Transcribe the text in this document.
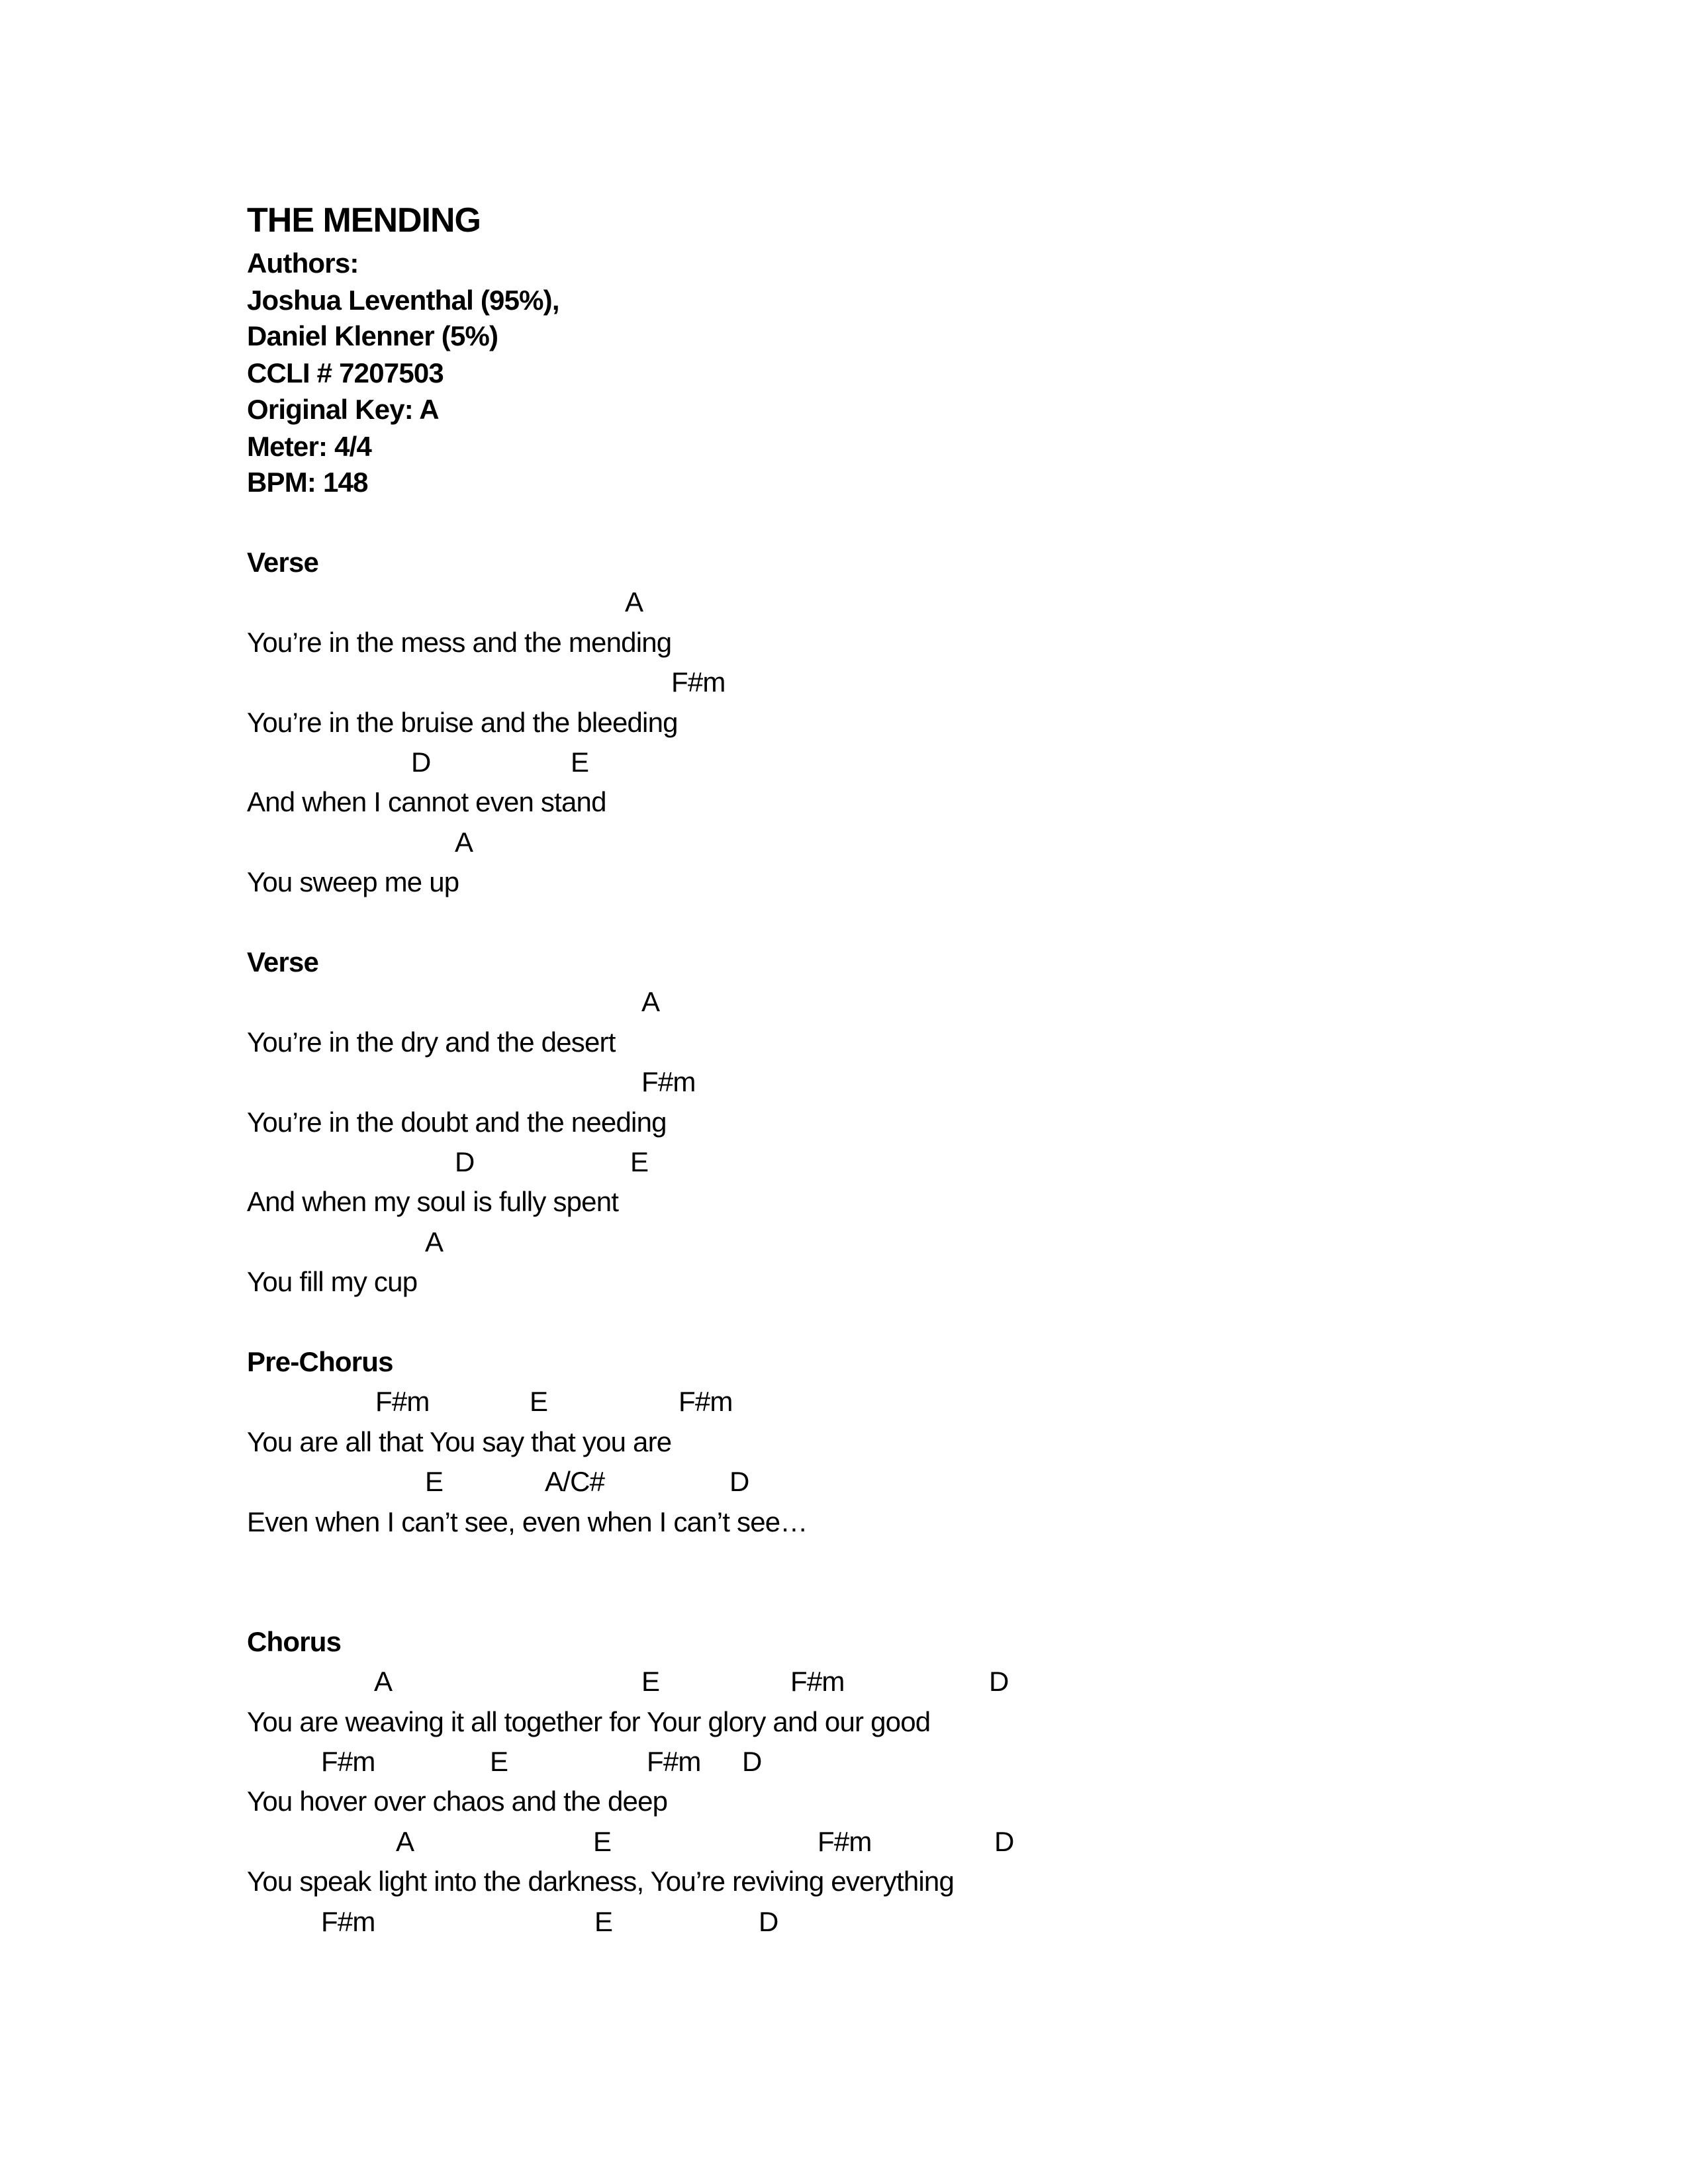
THE MENDING
Authors:
Joshua Leventhal (95%),
Daniel Klenner (5%)
CCLI # 7207503
Original Key: A
Meter: 4/4
BPM: 148
Verse
A
You’re in the mess and the mending
F#m
You’re in the bruise and the bleeding
D	E
And when I cannot even stand
A
You sweep me up
Verse
A
You’re in the dry and the desert
F#m
You’re in the doubt and the needing
D	E
And when my soul is fully spent
A
You fill my cup
Pre-Chorus
F#m	E	F#m
You are all that You say that you are
E	A/C#	D
Even when I can’t see, even when I can’t see…
Chorus
A	E	F#m	D
You are weaving it all together for Your glory and our good
F#m	E	F#m D
You hover over chaos and the deep
A	E	F#m	D
You speak light into the darkness, You’re reviving everything
F#m	E	D
